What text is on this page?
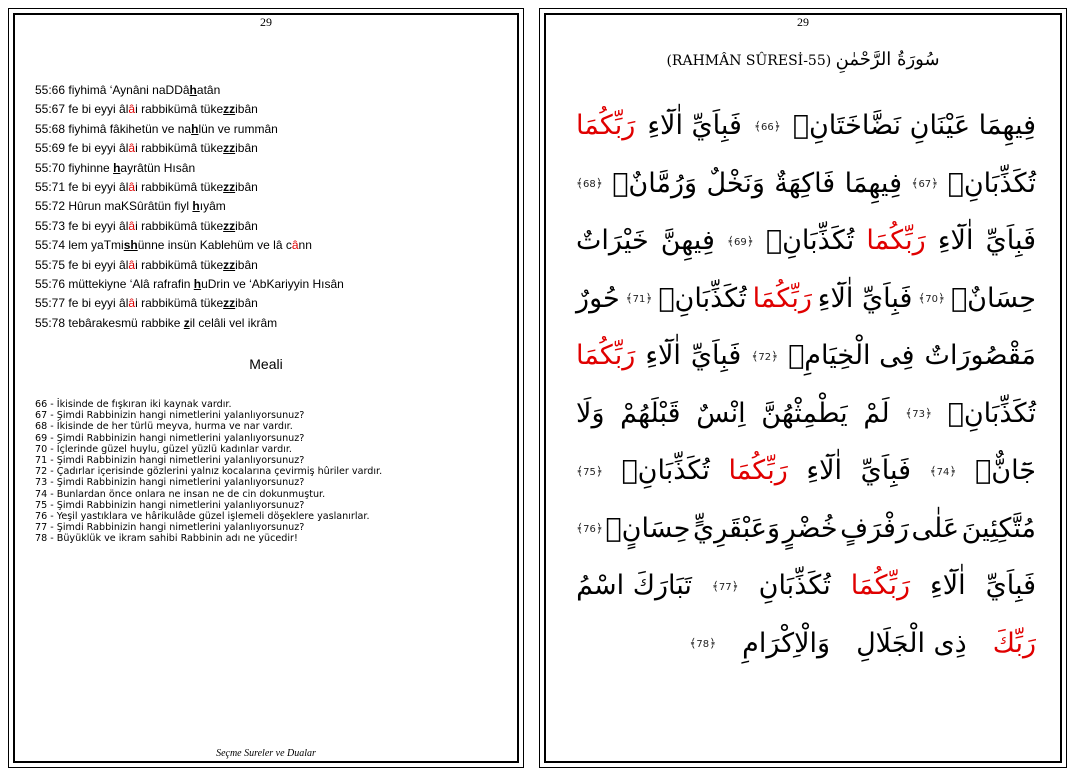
29
55:66 fiyhimâ ‘Aynâni naDDâhatân
55:67 fe bi eyyi âlâi rabbikümâ tükezzibân
55:68 fiyhimâ fâkihetün ve nahlün ve rummân
55:69 fe bi eyyi âlâi rabbikümâ tükezzibân
55:70 fiyhinne hayrâtün Hısân
55:71 fe bi eyyi âlâi rabbikümâ tükezzibân
55:72 Hûrun maKSûrâtün fiyl hıyâm
55:73 fe bi eyyi âlâi rabbikümâ tükezzibân
55:74 lem yaTmishünne insün Kablehüm ve lâ cânn
55:75 fe bi eyyi âlâi rabbikümâ tükezzibân
55:76 müttekiyne ‘Alâ rafrafin huDrin ve ‘AbKariyyin Hısân
55:77 fe bi eyyi âlâi rabbikümâ tükezzibân
55:78 tebârakesmü rabbike zil celâli vel ikrâm
Meali
66 - İkisinde de fışkıran iki kaynak vardır.
67 - Şimdi Rabbinizin hangi nimetlerini yalanlıyorsunuz?
68 - İkisinde de her türlü meyva, hurma ve nar vardır.
69 - Şimdi Rabbinizin hangi nimetlerini yalanlıyorsunuz?
70 - İçlerinde güzel huylu, güzel yüzlü kadınlar vardır.
71 - Şimdi Rabbinizin hangi nimetlerini yalanlıyorsunuz?
72 - Çadırlar içerisinde gözlerini yalnız kocalarına çevirmiş hûriler vardır.
73 - Şimdi Rabbinizin hangi nimetlerini yalanlıyorsunuz?
74 - Bunlardan önce onlara ne insan ne de cin dokunmuştur.
75 - Şimdi Rabbinizin hangi nimetlerini yalanlıyorsunuz?
76 - Yeşil yastıklara ve hârikulâde güzel işlemeli döşeklere yaslanırlar.
77 - Şimdi Rabbinizin hangi nimetlerini yalanlıyorsunuz?
78 - Büyüklük ve ikram sahibi Rabbinin adı ne yücedir!
Seçme Sureler ve Dualar
29
(RAHMÂN SÛRESİ-55) سُورَةُ الرَّحْمٰنِ
فِيهِمَا عَيْنَانِ نَضَّاخَتَانِۚ
﴿ 66 ﴾
فَبِاَيِّ اٰلَٓاءِ
رَبِّكُمَا
تُكَذِّبَانِۚ
﴿ 67 ﴾
فِيهِمَا
فَاكِهَةٌ
وَنَخْلٌ
وَرُمَّانٌۚ
﴿ 68 ﴾
فَبِاَيِّ
اٰلَٓاءِ
رَبِّكُمَا
تُكَذِّبَانِۚ
﴿ 69 ﴾
فِيهِنَّ
خَيْرَاتٌ
حِسَانٌۚ
﴿ 70 ﴾
فَبِاَيِّ اٰلَٓاءِ
رَبِّكُمَا
تُكَذِّبَانِۚ
﴿ 71 ﴾
حُورٌ
مَقْصُورَاتٌ
فِى الْخِيَامِۚ
﴿ 72 ﴾
فَبِاَيِّ
اٰلَٓاءِ
رَبِّكُمَا
تُكَذِّبَانِۚ
﴿ 73 ﴾
لَمْ
يَطْمِثْهُنَّ
اِنْسٌ
قَبْلَهُمْ
وَلَا
جَٓانٌّۚ
﴿ 74 ﴾
فَبِاَيِّ
اٰلَٓاءِ
رَبِّكُمَا
تُكَذِّبَانِۚ
﴿ 75 ﴾
مُتَّكِئِينَ
عَلٰى
رَفْرَفٍ
خُضْرٍ
وَعَبْقَرِيٍّ
حِسَانٍۚ
﴿ 76 ﴾
فَبِاَيِّ
اٰلَٓاءِ
رَبِّكُمَا
تُكَذِّبَانِ
﴿ 77 ﴾
تَبَارَكَ اسْمُ
رَبِّكَ
ذِى الْجَلَالِ
وَالْاِكْرَامِ
﴿ 78 ﴾
